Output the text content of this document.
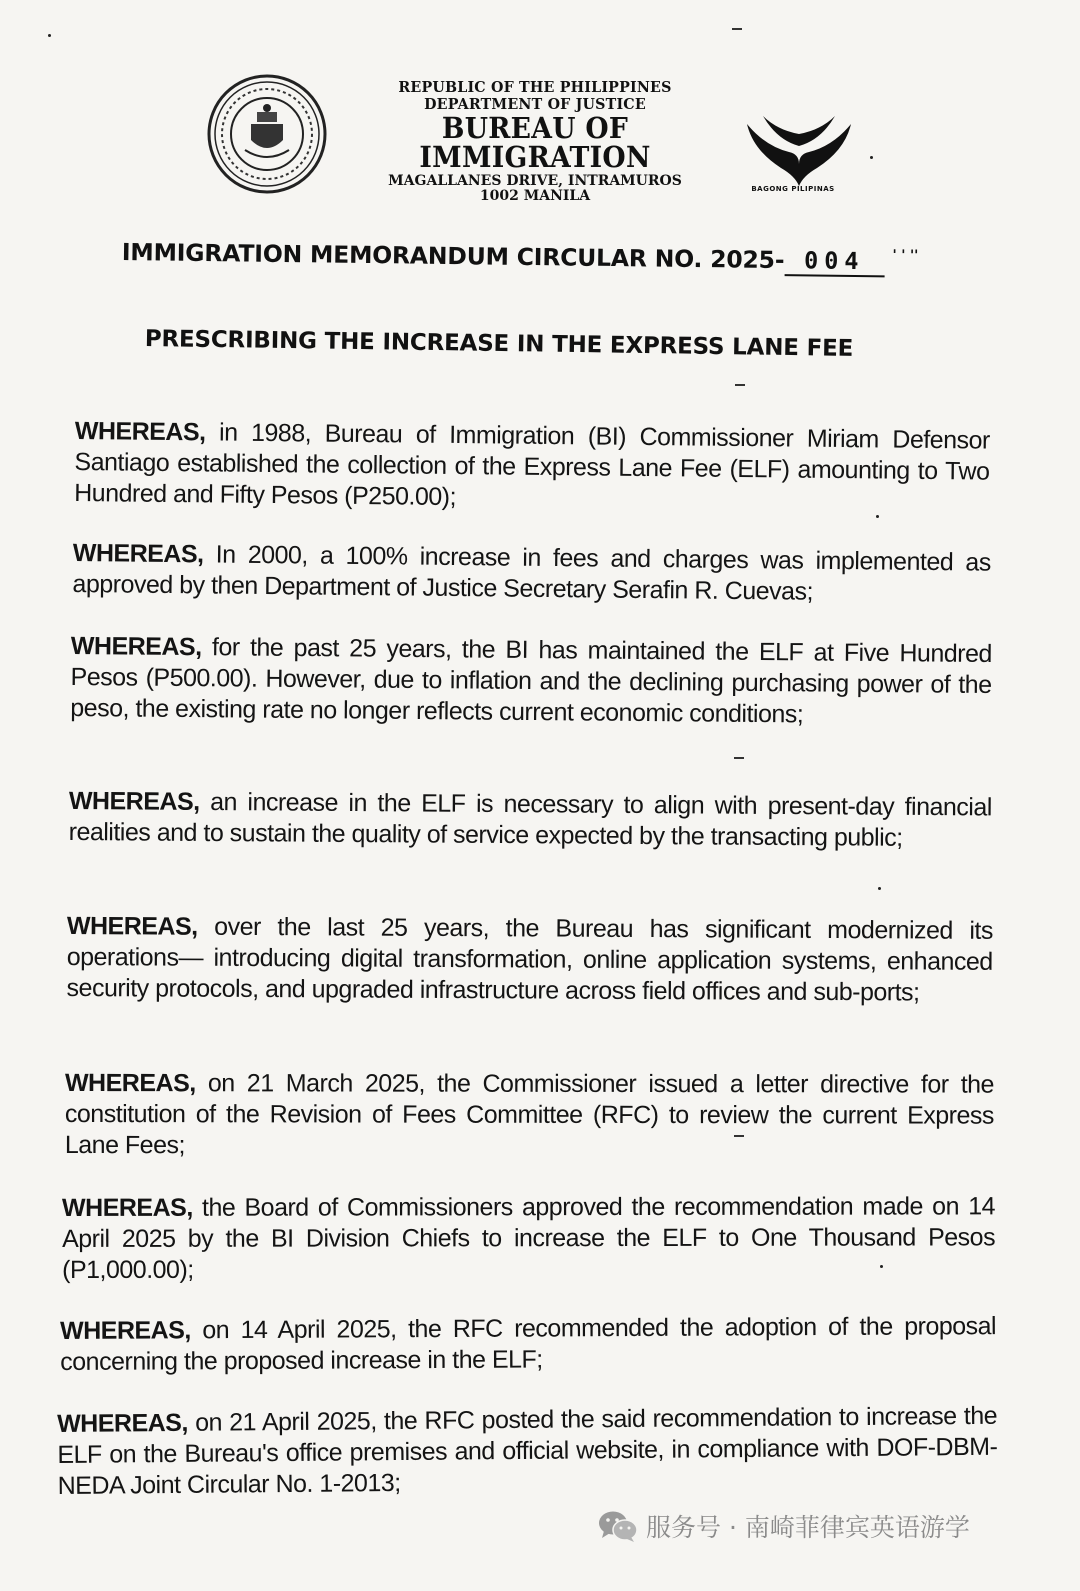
REPUBLIC OF THE PHILIPPINES
DEPARTMENT OF JUSTICE
BUREAU OF IMMIGRATION
MAGALLANES DRIVE, INTRAMUROS
1002 MANILA	BAGONG PILIPINAS
IMMIGRATION MEMORANDUM CIRCULAR NO. 2025- 004 ' ' ''
PRESCRIBING THE INCREASE IN THE EXPRESS LANE FEE
WHEREAS, in 1988, Bureau of Immigration (BI) Commissioner Miriam Defensor Santiago established the collection of the Express Lane Fee (ELF) amounting to Two Hundred and Fifty Pesos (P250.00);
WHEREAS, In 2000, a 100% increase in fees and charges was implemented as approved by then Department of Justice Secretary Serafin R. Cuevas;
WHEREAS, for the past 25 years, the BI has maintained the ELF at Five Hundred Pesos (P500.00). However, due to inflation and the declining purchasing power of the peso, the existing rate no longer reflects current economic conditions;
WHEREAS, an increase in the ELF is necessary to align with present-day financial realities and to sustain the quality of service expected by the transacting public;
WHEREAS, over the last 25 years, the Bureau has significant modernized its operations— introducing digital transformation, online application systems, enhanced security protocols, and upgraded infrastructure across field offices and sub-ports;
WHEREAS, on 21 March 2025, the Commissioner issued a letter directive for the constitution of the Revision of Fees Committee (RFC) to review the current Express Lane Fees;
WHEREAS, the Board of Commissioners approved the recommendation made on 14 April 2025 by the BI Division Chiefs to increase the ELF to One Thousand Pesos (P1,000.00);
WHEREAS, on 14 April 2025, the RFC recommended the adoption of the proposal concerning the proposed increase in the ELF;
WHEREAS, on 21 April 2025, the RFC posted the said recommendation to increase the ELF on the Bureau's office premises and official website, in compliance with DOF-DBM-NEDA Joint Circular No. 1-2013;
服务号 · 南崎菲律宾英语游学
